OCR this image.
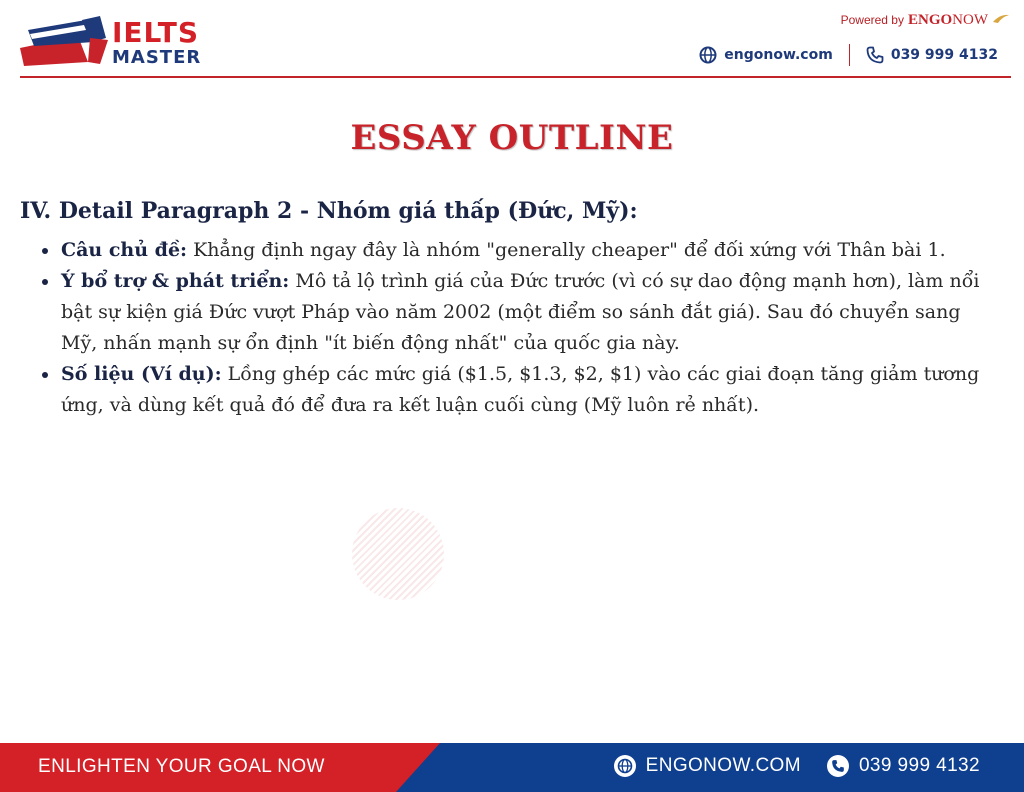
IELTS
MASTER
Powered by ENGONOW
engonow.com	039 999 4132
ESSAY OUTLINE
IV. Detail Paragraph 2 - Nhóm giá thấp (Đức, Mỹ):
Câu chủ đề: Khẳng định ngay đây là nhóm "generally cheaper" để đối xứng với Thân bài 1.
Ý bổ trợ & phát triển: Mô tả lộ trình giá của Đức trước (vì có sự dao động mạnh hơn), làm nổi bật sự kiện giá Đức vượt Pháp vào năm 2002 (một điểm so sánh đắt giá). Sau đó chuyển sang Mỹ, nhấn mạnh sự ổn định "ít biến động nhất" của quốc gia này.
Số liệu (Ví dụ): Lồng ghép các mức giá ($1.5, $1.3, $2, $1) vào các giai đoạn tăng giảm tương ứng, và dùng kết quả đó để đưa ra kết luận cuối cùng (Mỹ luôn rẻ nhất).
ENLIGHTEN YOUR GOAL NOW	ENGONOW.COM	039 999 4132
